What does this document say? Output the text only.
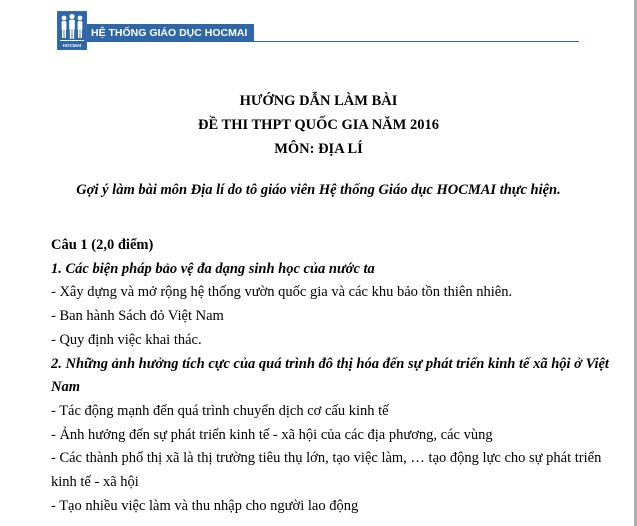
HOCMAI
HỆ THỐNG GIÁO DỤC HOCMAI
HƯỚNG DẪN LÀM BÀI
ĐỀ THI THPT QUỐC GIA NĂM 2016
MÔN: ĐỊA LÍ
Gợi ý làm bài môn Địa lí do tô giáo viên Hệ thống Giáo dục HOCMAI thực hiện.
Câu 1 (2,0 điểm)
1. Các biện pháp bảo vệ đa dạng sinh học của nước ta
- Xây dựng và mở rộng hệ thống vườn quốc gia và các khu bảo tồn thiên nhiên.
- Ban hành Sách đỏ Việt Nam
- Quy định việc khai thác.
2. Những ảnh hưởng tích cực của quá trình đô thị hóa đến sự phát triển kinh tế xã hội ở Việt
Nam
- Tác động mạnh đến quá trình chuyển dịch cơ cấu kinh tế
- Ảnh hưởng đến sự phát triển kinh tế - xã hội của các địa phương, các vùng
- Các thành phố thị xã là thị trường tiêu thụ lớn, tạo việc làm, … tạo động lực cho sự phát triển
kinh tế - xã hội
- Tạo nhiều việc làm và thu nhập cho người lao động
